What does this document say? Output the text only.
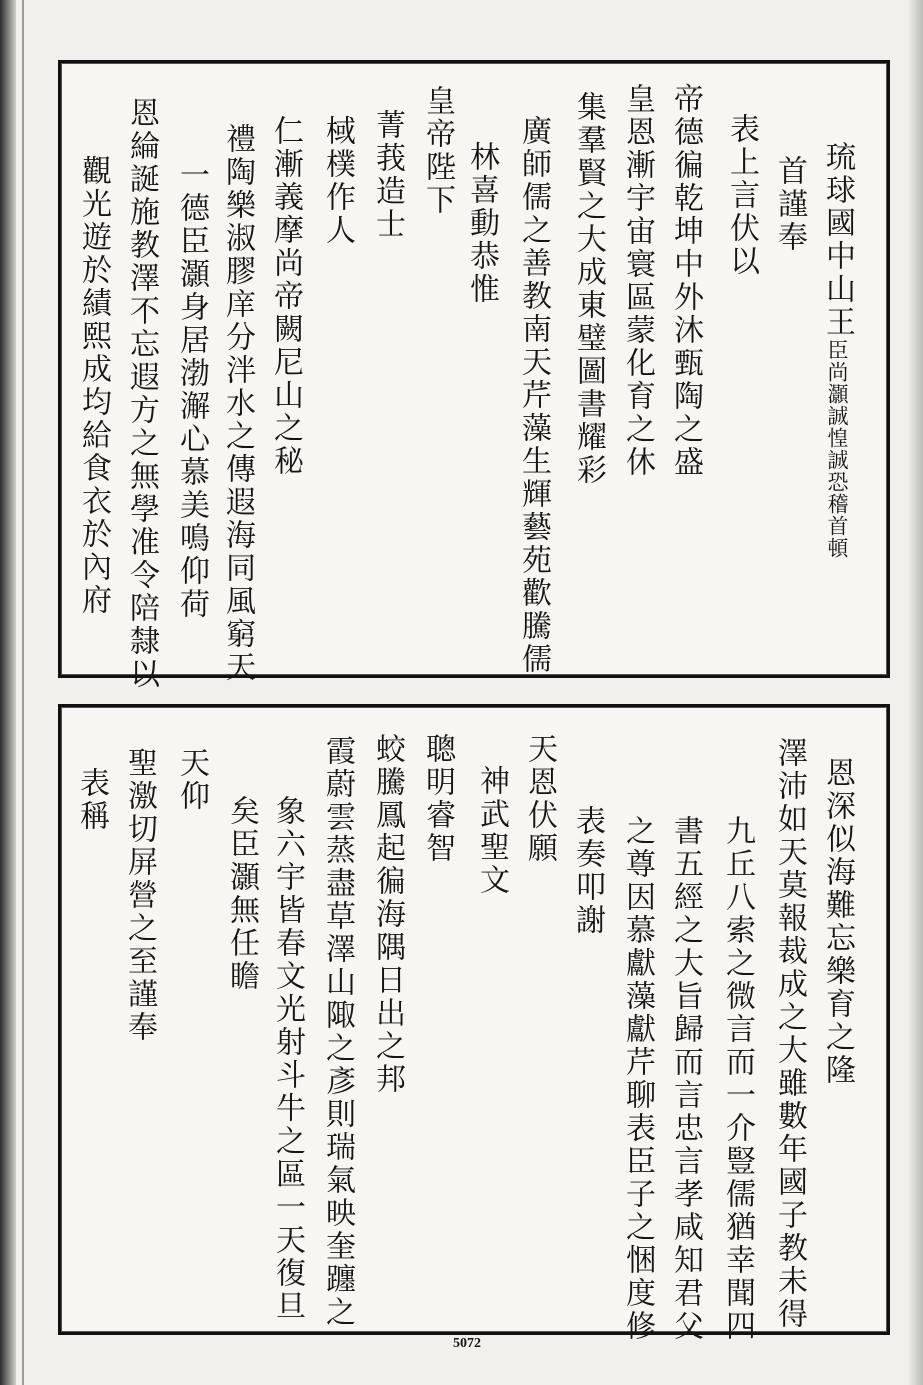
琉球國中山王臣尚灝誠惶誠恐稽首頓
首謹奉
表上言伏以
帝德徧乾坤中外沐甄陶之盛
皇恩漸宇宙寰區蒙化育之休
集羣賢之大成東璧圖書耀彩
廣師儒之善教南天芹藻生輝藝苑歡騰儒
林喜動恭惟
皇帝陛下
菁莪造士
棫樸作人
仁漸義摩尚帝闕尼山之秘
禮陶樂淑膠庠分泮水之傳遐海同風窮天
一德臣灝身居渤澥心慕美鳴仰荷
恩綸誕施教澤不忘遐方之無學准令陪隸以
觀光遊於績熙成均給食衣於內府
恩深似海難忘樂育之隆
澤沛如天莫報裁成之大雖數年國子教未得
九丘八索之微言而一介豎儒猶幸聞四
書五經之大旨歸而言忠言孝咸知君父
之尊因慕獻藻獻芹聊表臣子之悃度修
表奏叩謝
天恩伏願
神武聖文
聰明睿智
蛟騰鳳起徧海隅日出之邦
霞蔚雲蒸盡草澤山陬之彥則瑞氣映奎躔之
象六宇皆春文光射斗牛之區一天復旦
矣臣灝無任瞻
天仰
聖激切屏營之至謹奉
表稱
5072
